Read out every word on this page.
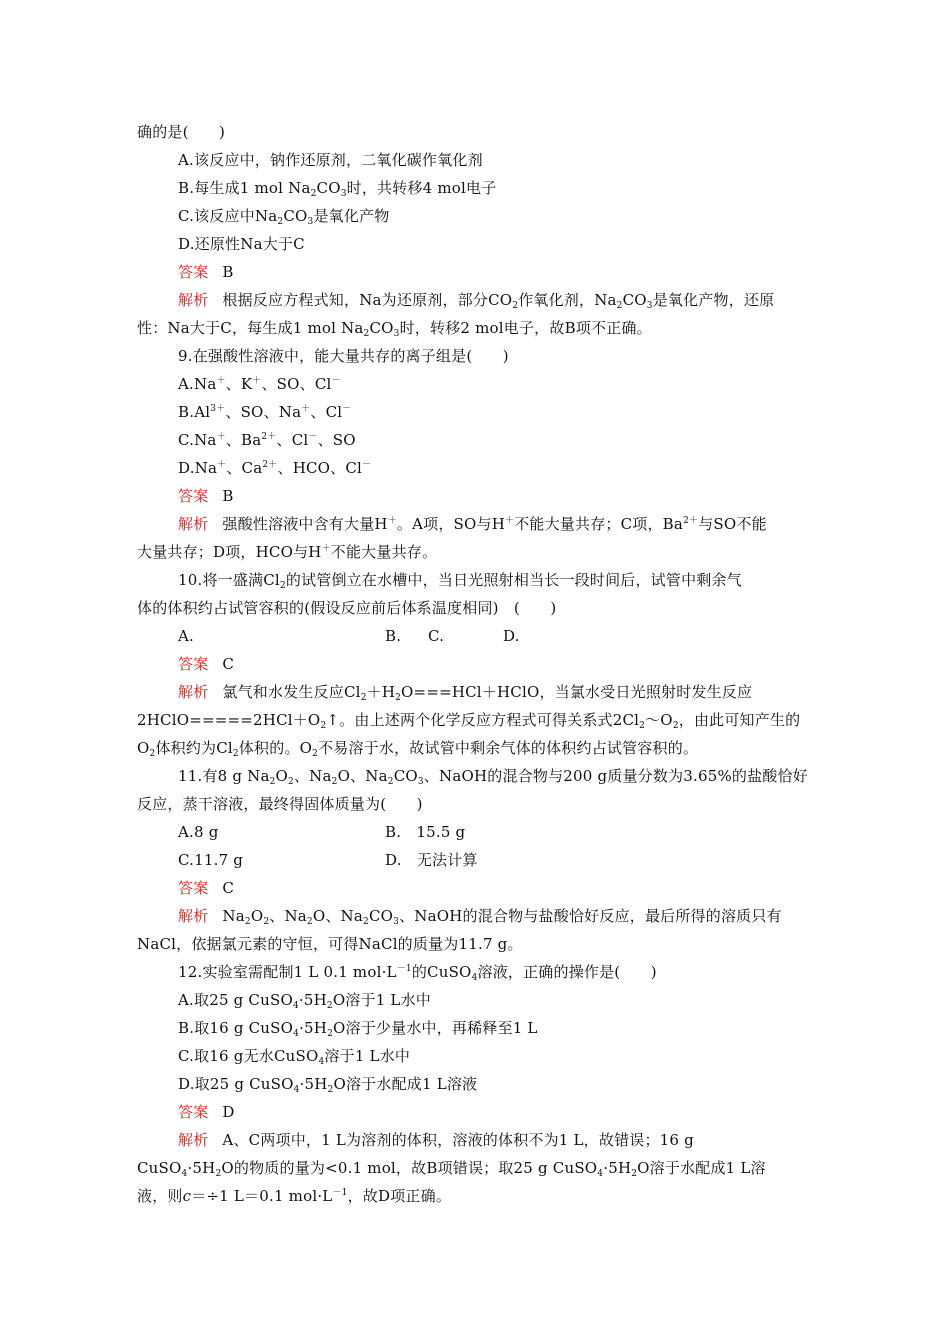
确的是(　　)
A.该反应中，钠作还原剂，二氧化碳作氧化剂
B.每生成1 mol $Na_2CO_3$时，共转移4 mol电子
C.该反应中$Na_2CO_3$是氧化产物
D.还原性Na大于C
答案 B
解析 根据反应方程式知，Na为还原剂，部分$CO_2$作氧化剂，$Na_2CO_3$是氧化产物，还原
性：Na大于C，每生成1 mol $Na_2CO_3$时，转移2 mol电子，故B项不正确。
9.在强酸性溶液中，能大量共存的离子组是(　　)
A.Na＋、K＋、SO、Cl－
$B.Al^{3+}$、SO、Na＋、Cl－
C.Na＋、$Ba^{2+}$、Cl－、SO
D.Na＋、$Ca^{2+}$、HCO、Cl－
答案 B
解析 强酸性溶液中含有大量H＋。A项，SO与H＋不能大量共存；C项，$Ba^{2+}$与SO不能
大量共存；D项，HCO与H＋不能大量共存。
10.将一盛满$Cl_2$的试管倒立在水槽中，当日光照射相当长一段时间后，试管中剩余气
体的体积约占试管容积的(假设反应前后体系温度相同)　(　　)
A.	B. C.	D.
答案 C
解析 氯气和水发生反应$Cl_2+H_2O===HCl+HClO$，当氯水受日光照射时发生反应
$2HClO=====2HCl+O_2↑$。由上述两个化学反应方程式可得关系式$2Cl_2\sim O_2$，由此可知产生的
$O_2$体积约为$Cl_2$体积的。$O_2$不易溶于水，故试管中剩余气体的体积约占试管容积的。
11.有8 g $Na_2O_2$、$Na_2O$、$Na_2CO_3$、NaOH的混合物与200 g质量分数为3.65%的盐酸恰好
反应，蒸干溶液，最终得固体质量为(　　)
A.8 g	B.　15.5 g
C.11.7 g	D.　无法计算
答案 C
解析 $Na_2O_2$、$Na_2O$、$Na_2CO_3$、NaOH的混合物与盐酸恰好反应，最后所得的溶质只有
NaCl，依据氯元素的守恒，可得NaCl的质量为11.7 g。
12.实验室需配制1 L 0.1 $mol\cdot L^{-1}$的CuSO$_4$溶液，正确的操作是(　　)
A.取25 g $CuSO_4\cdot 5H_2O$溶于1 L水中
B.取16 g $CuSO_4\cdot 5H_2O$溶于少量水中，再稀释至1 L
C.取16 g无水CuSO$_4$溶于1 L水中
D.取25 g $CuSO_4\cdot 5H_2O$溶于水配成1 L溶液
答案 D
解析 A、C两项中，1 L为溶剂的体积，溶液的体积不为1 L，故错误；16 g
$CuSO_4\cdot 5H_2O$的物质的量为<0.1 mol，故B项错误；取25 g $CuSO_4\cdot 5H_2O$溶于水配成1 L溶
液，则c＝÷1 L＝0.1 $mol\cdot L^{-1}$，故D项正确。
